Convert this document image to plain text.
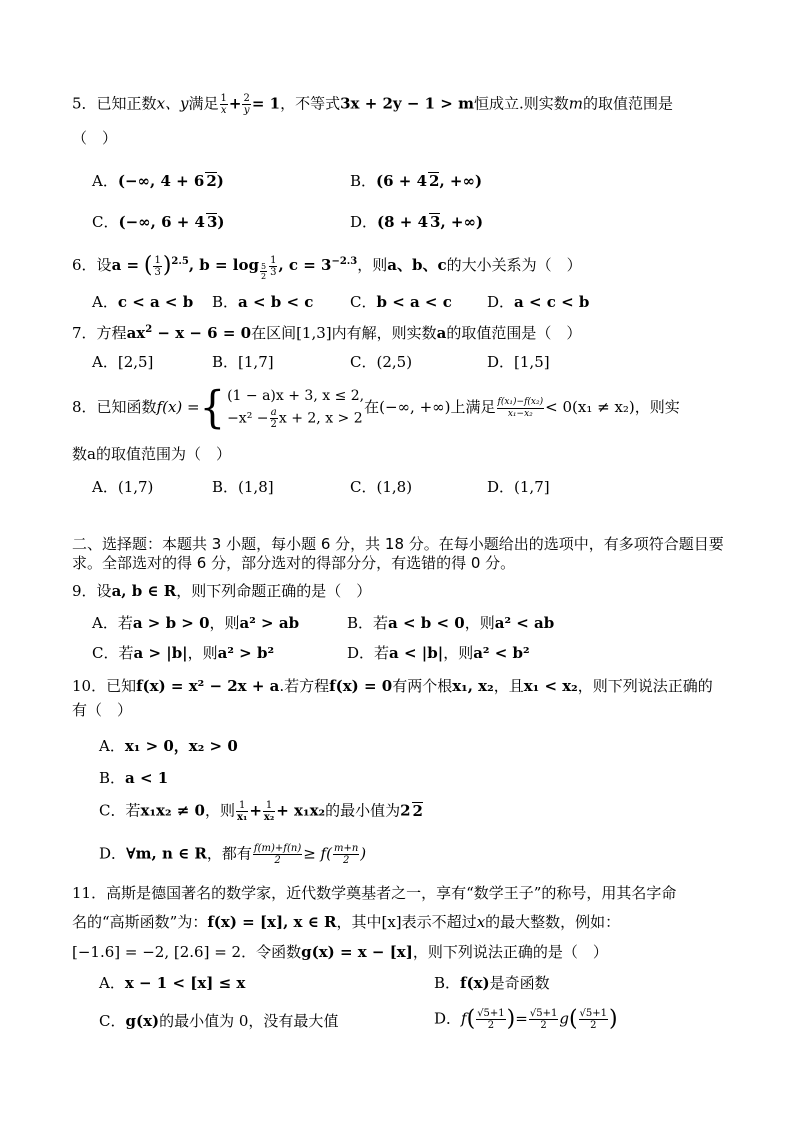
5．已知正数x、y满足 $\frac{1}{x} + \frac{2}{y} = 1$，不等式3x + 2y − 1 > m恒成立.则实数m的取值范围是
（　）
A．(−∞, 4 + 6 2)	B．(6 + 4 2, +∞)
C．(−∞, 6 + 4 3)	D．(8 + 4 3, +∞)
6．设a = ( $\frac{1}{3} )^{2.5}$, $b = \log _{\frac{5}{2}} \frac{1}{3}$ , $c = 3^{-2.3}$，则a、b、c的大小关系为（　）
A．c < a < b B．a < b < c C．b < a < c D．a < c < b
7．方程$ax^2 - x - 6 = 0$在区间[1,3]内有解，则实数a的取值范围是（　）
A．[2,5]	B．[1,7]	C．(2,5)	D．[1,5]
8．已知函数f(x) ={ (1 − a)x + 3, x ≤ 2,
$-x^2 - \frac{a}{2}$ x + 2, x > 2
在(−∞, +∞)上满足 $\frac{\text{f(x₁)−f(x₂)}}{\text{x₁−x₂}} < 0(x_1 \ne x_2)$，则实
数a的取值范围为（　）
A．(1,7)	B．(1,8]	C．(1,8)	D．(1,7]
二、选择题：本题共 3 小题，每小题 6 分，共 18 分。在每小题给出的选项中，有多项符合题目要求。全部选对的得 6 分，部分选对的得部分分，有选错的得 0 分。
9．设a, b ∈ R，则下列命题正确的是（　）
A．若a > b > 0，则a² > ab	B．若a < b < 0，则a² < ab
C．若a > |b|，则a² > b²	D．若a < |b|，则a² < b²
10．已知f(x) = x² − 2x + a.若方程f(x) = 0有两个根x₁, x₂，且x₁ < x₂，则下列说法正确的
有（　）
A．x₁ > 0，x₂ > 0
B．a < 1
C．若x₁x₂ ≠ 0，则 $\frac{1}{\text{x₁}} + \frac{1}{\text{x₂}} + x_1x_2$的最小值为2 2
D．∀m, n ∈ R，都有 $\frac{f(m)+f(n)}{2} \ge f( \frac{m+n}{2}$ )
11．高斯是德国著名的数学家，近代数学奠基者之一，享有“数学王子”的称号，用其名字命
名的“高斯函数”为：f(x) = [x], x ∈ R，其中[x]表示不超过x的最大整数，例如：
[−1.6] = −2, [2.6] = 2．令函数g(x) = x − [x]，则下列说法正确的是（　）
A．x − 1 < [x] ≤ x	B．f(x)是奇函数
C．g(x)的最小值为 0，没有最大值	D．$f( \frac{√5+1}{2}$ )= $\frac{√5+1}{2} g( \frac{√5+1}{2}$ )
